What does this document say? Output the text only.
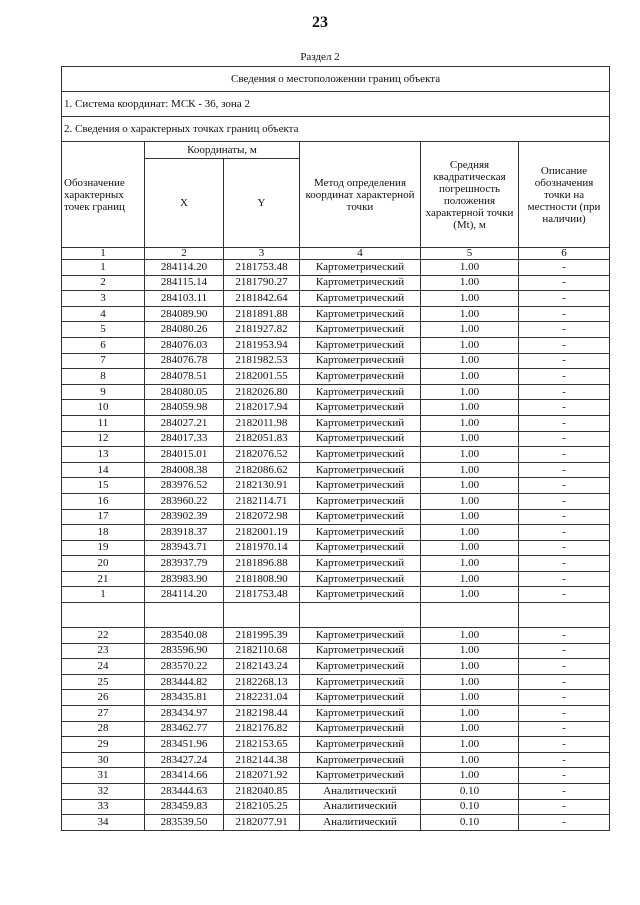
23
Раздел 2
Сведения о местоположении границ объекта					
1. Система координат: МСК - 36, зона 2					
2. Сведения о характерных точках границ объекта					
Обозначение характерных точек границ	Координаты, м		Метод определения координат характерной точки	Средняя квадратическая погрешность положения характерной точки (Mt), м	Описание обозначения точки на местности (при наличии)
	X	Y			
1	2	3	4	5	6
1	284114.20	2181753.48	Картометрический	1.00	-
2	284115.14	2181790.27	Картометрический	1.00	-
3	284103.11	2181842.64	Картометрический	1.00	-
4	284089.90	2181891.88	Картометрический	1.00	-
5	284080.26	2181927.82	Картометрический	1.00	-
6	284076.03	2181953.94	Картометрический	1.00	-
7	284076.78	2181982.53	Картометрический	1.00	-
8	284078.51	2182001.55	Картометрический	1.00	-
9	284080.05	2182026.80	Картометрический	1.00	-
10	284059.98	2182017.94	Картометрический	1.00	-
11	284027.21	2182011.98	Картометрический	1.00	-
12	284017.33	2182051.83	Картометрический	1.00	-
13	284015.01	2182076.52	Картометрический	1.00	-
14	284008.38	2182086.62	Картометрический	1.00	-
15	283976.52	2182130.91	Картометрический	1.00	-
16	283960.22	2182114.71	Картометрический	1.00	-
17	283902.39	2182072.98	Картометрический	1.00	-
18	283918.37	2182001.19	Картометрический	1.00	-
19	283943.71	2181970.14	Картометрический	1.00	-
20	283937.79	2181896.88	Картометрический	1.00	-
21	283983.90	2181808.90	Картометрический	1.00	-
1	284114.20	2181753.48	Картометрический	1.00	-

22	283540.08	2181995.39	Картометрический	1.00	-
23	283596.90	2182110.68	Картометрический	1.00	-
24	283570.22	2182143.24	Картометрический	1.00	-
25	283444.82	2182268.13	Картометрический	1.00	-
26	283435.81	2182231.04	Картометрический	1.00	-
27	283434.97	2182198.44	Картометрический	1.00	-
28	283462.77	2182176.82	Картометрический	1.00	-
29	283451.96	2182153.65	Картометрический	1.00	-
30	283427.24	2182144.38	Картометрический	1.00	-
31	283414.66	2182071.92	Картометрический	1.00	-
32	283444.63	2182040.85	Аналитический	0.10	-
33	283459.83	2182105.25	Аналитический	0.10	-
34	283539.50	2182077.91	Аналитический	0.10	-
